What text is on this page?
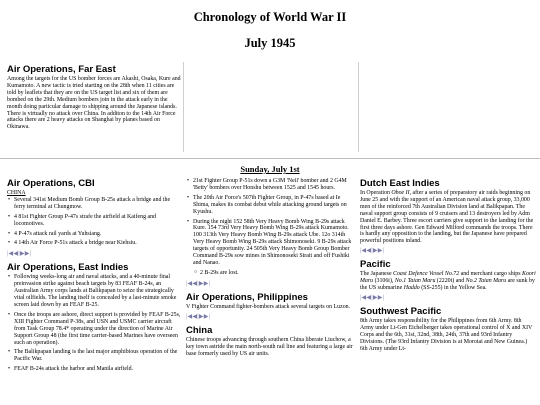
Chronology of World War II
July 1945
Air Operations, Far East

Among the targets for the US bomber forces are Akashi, Osaka, Kure and Kumamoto. A new tactic is tried starting on the 28th when 11 cities are told by leaflets that they are on the US target list and six of them are bombed on the 29th. Medium bombers join in the attack early in the month doing particular damage to shipping around the Japanese islands. There is virtually no attack over China. In additon to the 14th Air Force attacks there are 2 heavy attacks on Shanghai by planes based on Okinawa.

Sunday, July 1st
Air Operations, CBI
CHINA
• Several 341st Medium Bomb Group B-25s attack a bridge and the ferry terminal at Chungmow.
• 4 81st Fighter Group P-47s strafe the airfield at Kaifeng and locomotives.
• 4 P-47s attack rail yards at Yuhsiang.
• 4 14th Air Force P-51s attack a bridge near Kiehsiu.
|◀◀|▶▶|
Air Operations, East Indies
• Following weeks-long air and naval attacks, and a 40-minute final preinvasion strike against beach targets by 83 FEAF B-24s, an Australian Army corps lands at Balikpapan to seize the strategically vital oilfields. The landing itself is concealed by a last-minute smoke screen laid down by an FEAF B-25.
• Once the troops are ashore, direct support is provided by FEAF B-25s, XIII Fighter Command P-38s, and USN and USMC carrier aircraft from Task Group 78.4* operating under the direction of Marine Air Support Group 48 (the first time carrier-based Marines have overseen such an operation).
• The Balikpapan landing is the last major amphibious operation of the Pacific War.
• FEAF B-24s attack the harbor and Manila airfield.
• 21st Fighter Group P-51s down a G3M 'Nell' bomber and 2 G4M 'Betty' bombers over Honshu between 1525 and 1545 hours.
• The 20th Air Force's 507th Fighter Group, in P-47s based at Ie Shima, makes its combat debut while attacking ground targets on Kyushu.
• During the night 152 58th Very Heavy Bomb Wing B-29s attack Kure. 154 73rd Very Heavy Bomb Wing B-29s attack Kumamoto. 100 313th Very Heavy Bomb Wing B-29s attack Ube. 12o 314th Very Heavy Bomb Wing B-29s attack Shimonoseki. 9 B-29s attack targets of opportunity. 24 505th Very Heavy Bomb Group Bomber Command B-29s sow mines in Shimonoseki Strait and off Fushiki and Nanao.
○ 2 B-29s are lost.
|◀◀|▶▶|
Air Operations, Philippines

V Fighter Command fighter-bombers attack several targets on Luzon.

|◀◀|▶▶|
China

Chinese troops advancing through southern China liberate Liuchow, a key town astride the main north-south rail line and featuring a large air base formerly used by US air units.

Dutch East Indies

In Operation Oboe II, after a series of preparatory air raids beginning on June 25 and with the support of an American naval attack group, 33,000 men of the reinforced 7th Australian Division land at Balikpapan. The naval support group consists of 9 cruisers and 13 destroyers led by Adm Daniel E. Barbey. Three escort carriers give support to the landing for the first three days ashore. Gen Edward Milford commands the troops. There is hardly any opposition to the landing, but the Japanese have prepared powerful positions inland.

|◀◀|▶▶|
Pacific

The Japanese Coast Defence Vessel No.72 and merchant cargo ships Koori Maru (3106t), No.1 Taian Maru (2220t) and No.2 Taian Maru are sunk by the US submarine Haddo (SS-255) in the Yellow Sea.

|◀◀|▶▶|
Southwest Pacific

8th Army takes responsibility for the Philippines from 6th Army. 8th Army under Lt-Gen Eichelberger takes operational control of X and XIV Corps and the 6th, 31st, 32nd, 38th, 24th, 37th and 93rd Infantry Divisions. (The 93rd Infantry Division is at Morotai and New Guinea.) 6th Army under Lt-
